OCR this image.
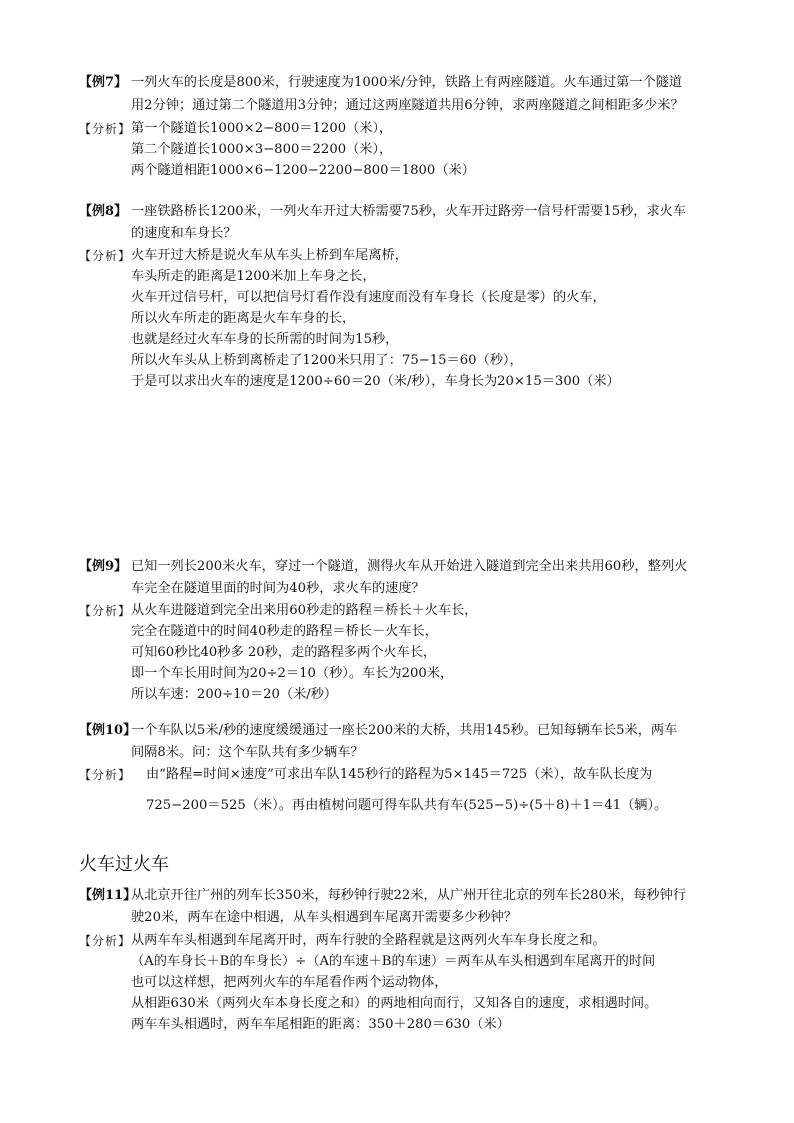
【例7】 一列火车的长度是800米，行驶速度为1000米/分钟，铁路上有两座隧道。火车通过第一个隧道
用2分钟；通过第二个隧道用3分钟；通过这两座隧道共用6分钟，求两座隧道之间相距多少米？
【分析】 第一个隧道长1000×2−800＝1200（米），
第二个隧道长1000×3−800＝2200（米），
两个隧道相距1000×6−1200−2200−800＝1800（米）
【例8】 一座铁路桥长1200米，一列火车开过大桥需要75秒，火车开过路旁一信号杆需要15秒，求火车
的速度和车身长？
【分析】 火车开过大桥是说火车从车头上桥到车尾离桥，
车头所走的距离是1200米加上车身之长，
火车开过信号杆，可以把信号灯看作没有速度而没有车身长（长度是零）的火车，
所以火车所走的距离是火车车身的长，
也就是经过火车车身的长所需的时间为15秒，
所以火车头从上桥到离桥走了1200米只用了：75−15＝60（秒），
于是可以求出火车的速度是1200÷60＝20（米/秒），车身长为20×15＝300（米）
【例9】 已知一列长200米火车，穿过一个隧道，测得火车从开始进入隧道到完全出来共用60秒，整列火
车完全在隧道里面的时间为40秒，求火车的速度？
【分析】 从火车进隧道到完全出来用60秒走的路程＝桥长＋火车长，
完全在隧道中的时间40秒走的路程＝桥长－火车长，
可知60秒比40秒多 20秒，走的路程多两个火车长，
即一个车长用时间为20÷2＝10（秒）。车长为200米，
所以车速：200÷10＝20（米/秒）
【例10】
一个车队以5米/秒的速度缓缓通过一座长200米的大桥，共用145秒。已知每辆车长5米，两车
间隔8米。问：这个车队共有多少辆车？
【分析】 由“路程=时间×速度”可求出车队145秒行的路程为5×145＝725（米），故车队长度为
725−200＝525（米）。再由植树问题可得车队共有车(525−5)÷(5＋8)＋1＝41（辆）。
火车过火车
【例11】
从北京开往广州的列车长350米，每秒钟行驶22米，从广州开往北京的列车长280米，每秒钟行
驶20米，两车在途中相遇，从车头相遇到车尾离开需要多少秒钟？
【分析】 从两车车头相遇到车尾离开时，两车行驶的全路程就是这两列火车车身长度之和。
（A的车身长＋B的车身长）÷（A的车速＋B的车速）＝两车从车头相遇到车尾离开的时间
也可以这样想，把两列火车的车尾看作两个运动物体，
从相距630米（两列火车本身长度之和）的两地相向而行，又知各自的速度，求相遇时间。
两车车头相遇时，两车车尾相距的距离：350＋280＝630（米）
